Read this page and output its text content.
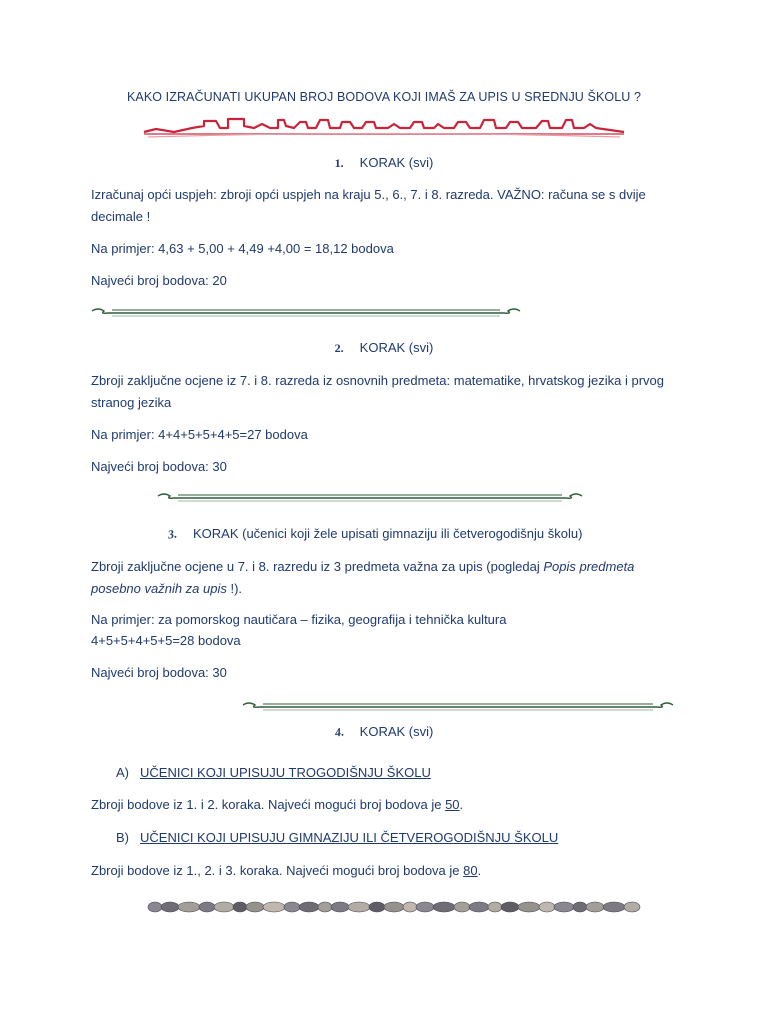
KAKO IZRAČUNATI UKUPAN BROJ BODOVA KOJI IMAŠ ZA UPIS U SREDNJU ŠKOLU ?
1. KORAK (svi)
Izračunaj opći uspjeh: zbroji opći uspjeh na kraju 5., 6., 7. i 8. razreda. VAŽNO: računa se s dvije decimale !
Na primjer: 4,63 + 5,00 + 4,49 +4,00 = 18,12 bodova
Najveći broj bodova: 20
2. KORAK (svi)
Zbroji zaključne ocjene iz 7. i 8. razreda iz osnovnih predmeta: matematike, hrvatskog jezika i prvog stranog jezika
Na primjer: 4+4+5+5+4+5=27 bodova
Najveći broj bodova: 30
3. KORAK (učenici koji žele upisati gimnaziju ili četverogodišnju školu)
Zbroji zaključne ocjene u 7. i 8. razredu iz 3 predmeta važna za upis (pogledaj Popis predmeta posebno važnih za upis !).
Na primjer: za pomorskog nautičara – fizika, geografija i tehnička kultura
4+5+5+4+5+5=28 bodova
Najveći broj bodova: 30
4. KORAK (svi)
A) UČENICI KOJI UPISUJU TROGODIŠNJU ŠKOLU
Zbroji bodove iz 1. i 2. koraka. Najveći mogući broj bodova je 50.
B) UČENICI KOJI UPISUJU GIMNAZIJU ILI ČETVEROGODIŠNJU ŠKOLU
Zbroji bodove iz 1., 2. i 3. koraka. Najveći mogući broj bodova je 80.
